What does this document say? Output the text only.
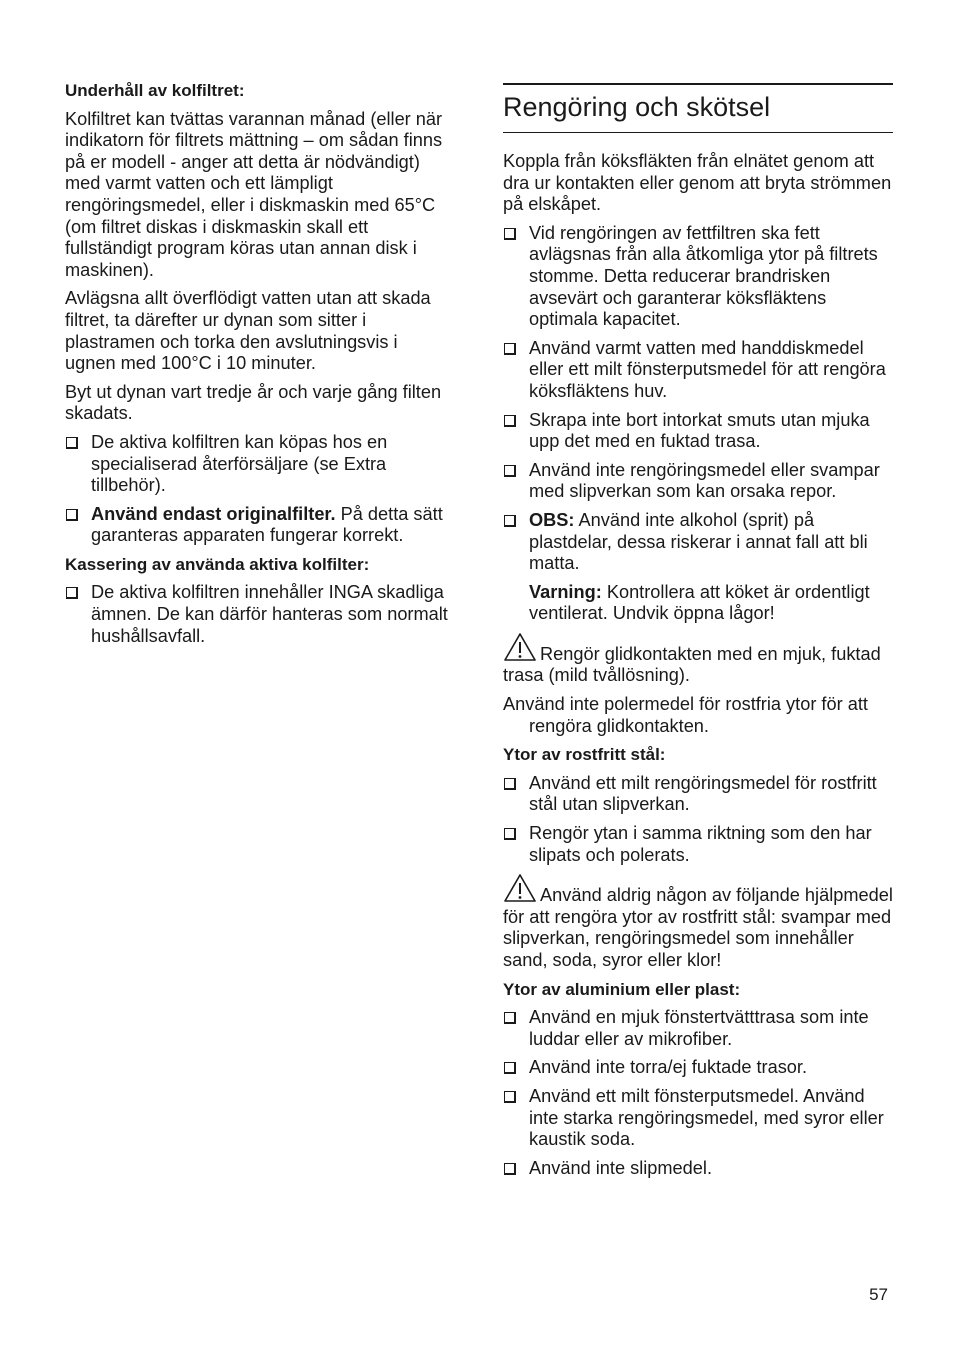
Underhåll av kolfiltret:

Kolfiltret kan tvättas varannan månad (eller när indikatorn för filtrets mättning – om sådan finns på er modell - anger att detta är nödvändigt) med varmt vatten och ett lämpligt rengöringsmedel, eller i diskmaskin med 65°C (om filtret diskas i diskmaskin skall ett fullständigt program köras utan annan disk i maskinen).

Avlägsna allt överflödigt vatten utan att skada filtret, ta därefter ur dynan som sitter i plastramen och torka den avslutningsvis i ugnen med 100°C i 10 minuter.

Byt ut dynan vart tredje år och varje gång filten skadats.

De aktiva kolfiltren kan köpas hos en specialiserad återförsäljare (se Extra tillbehör).
Använd endast originalfilter. På detta sätt garanteras apparaten fungerar korrekt.

Kassering av använda aktiva kolfilter:

De aktiva kolfiltren innehåller INGA skadliga ämnen. De kan därför hanteras som normalt hushållsavfall.
Rengöring och skötsel

Koppla från köksfläkten från elnätet genom att dra ur kontakten eller genom att bryta strömmen på elskåpet.

Vid rengöringen av fettfiltren ska fett avlägsnas från alla åtkomliga ytor på filtrets stomme. Detta reducerar brandrisken avsevärt och garanterar köksfläktens optimala kapacitet.
Använd varmt vatten med handdiskmedel eller ett milt fönsterputsmedel för att rengöra köksfläktens huv.
Skrapa inte bort intorkat smuts utan mjuka upp det med en fuktad trasa.
Använd inte rengöringsmedel eller svampar med slipverkan som kan orsaka repor.
OBS: Använd inte alkohol (sprit) på plastdelar, dessa riskerar i annat fall att bli matta.

Varning: Kontrollera att köket är ordentligt ventilerat. Undvik öppna lågor!

Rengör glidkontakten med en mjuk, fuktad trasa (mild tvållösning).

Använd inte polermedel för rostfria ytor för att rengöra glidkontakten.

Ytor av rostfritt stål:

Använd ett milt rengöringsmedel för rostfritt stål utan slipverkan.
Rengör ytan i samma riktning som den har slipats och polerats.

Använd aldrig någon av följande hjälpmedel för att rengöra ytor av rostfritt stål: svampar med slipverkan, rengöringsmedel som innehåller sand, soda, syror eller klor!

Ytor av aluminium eller plast:

Använd en mjuk fönstertvätttrasa som inte luddar eller av mikrofiber.
Använd inte torra/ej fuktade trasor.
Använd ett milt fönsterputsmedel. Använd inte starka rengöringsmedel, med syror eller kaustik soda.
Använd inte slipmedel.
57
